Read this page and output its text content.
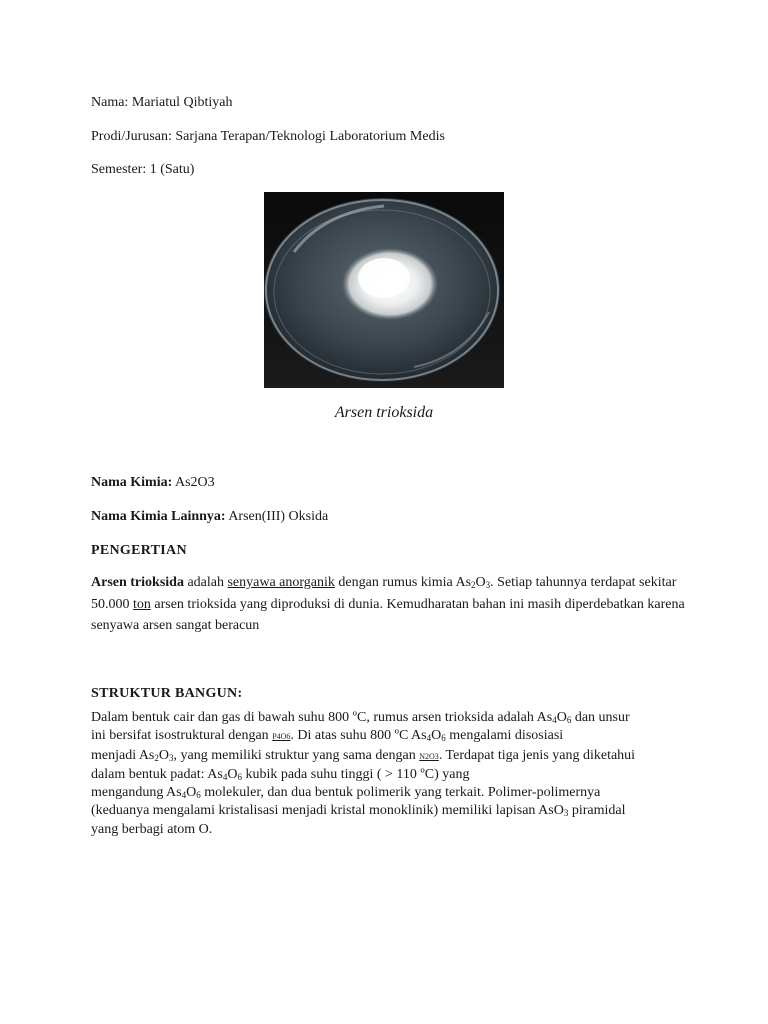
Nama: Mariatul Qibtiyah
Prodi/Jurusan: Sarjana Terapan/Teknologi Laboratorium Medis
Semester: 1 (Satu)
Arsen trioksida
Nama Kimia: As2O3
Nama Kimia Lainnya: Arsen(III) Oksida
PENGERTIAN
Arsen trioksida adalah senyawa anorganik dengan rumus kimia $As_2O_3$. Setiap tahunnya terdapat sekitar 50.000 ton arsen trioksida yang diproduksi di dunia. Kemudharatan bahan ini masih diperdebatkan karena senyawa arsen sangat beracun
STRUKTUR BANGUN:
Dalam bentuk cair dan gas di bawah suhu 800 ºC, rumus arsen trioksida adalah $As_4O_6$ dan unsur
ini bersifat isostruktural dengan P4O6. Di atas suhu 800 ºC $As_4O_6$ mengalami disosiasi
menjadi $As_2O_3$, yang memiliki struktur yang sama dengan N2O3. Terdapat tiga jenis yang diketahui
dalam bentuk padat: $As_4O_6$ kubik pada suhu tinggi ( > 110 ºC) yang
mengandung $As_4O_6$ molekuler, dan dua bentuk polimerik yang terkait. Polimer-polimernya
(keduanya mengalami kristalisasi menjadi kristal monoklinik) memiliki lapisan AsO$_3$ piramidal
yang berbagi atom O.
